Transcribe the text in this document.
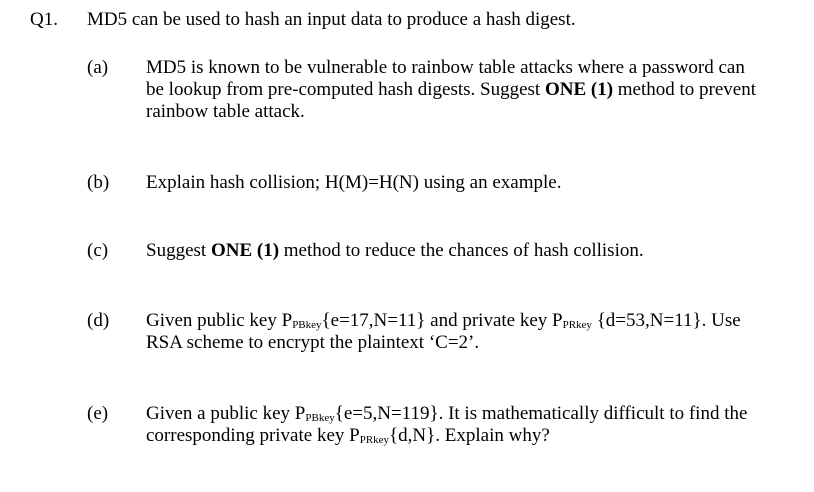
Q1. MD5 can be used to hash an input data to produce a hash digest.
(a) MD5 is known to be vulnerable to rainbow table attacks where a password can

be lookup from pre-computed hash digests. Suggest ONE (1) method to prevent

rainbow table attack.

(b) Explain hash collision; H(M)=H(N) using an example.

(c) Suggest ONE (1) method to reduce the chances of hash collision.

(d) Given public key $P_{PBkey}\{e=17,N=11\}$ and private key $P_{PRkey}$ {d=53,N=11}. Use

RSA scheme to encrypt the plaintext ‘C=2’.

(e) Given a public key $P_{PBkey}\{e=5,N=119\}$. It is mathematically difficult to find the

corresponding private key $P_{PRkey}\{d,N\}$. Explain why?
